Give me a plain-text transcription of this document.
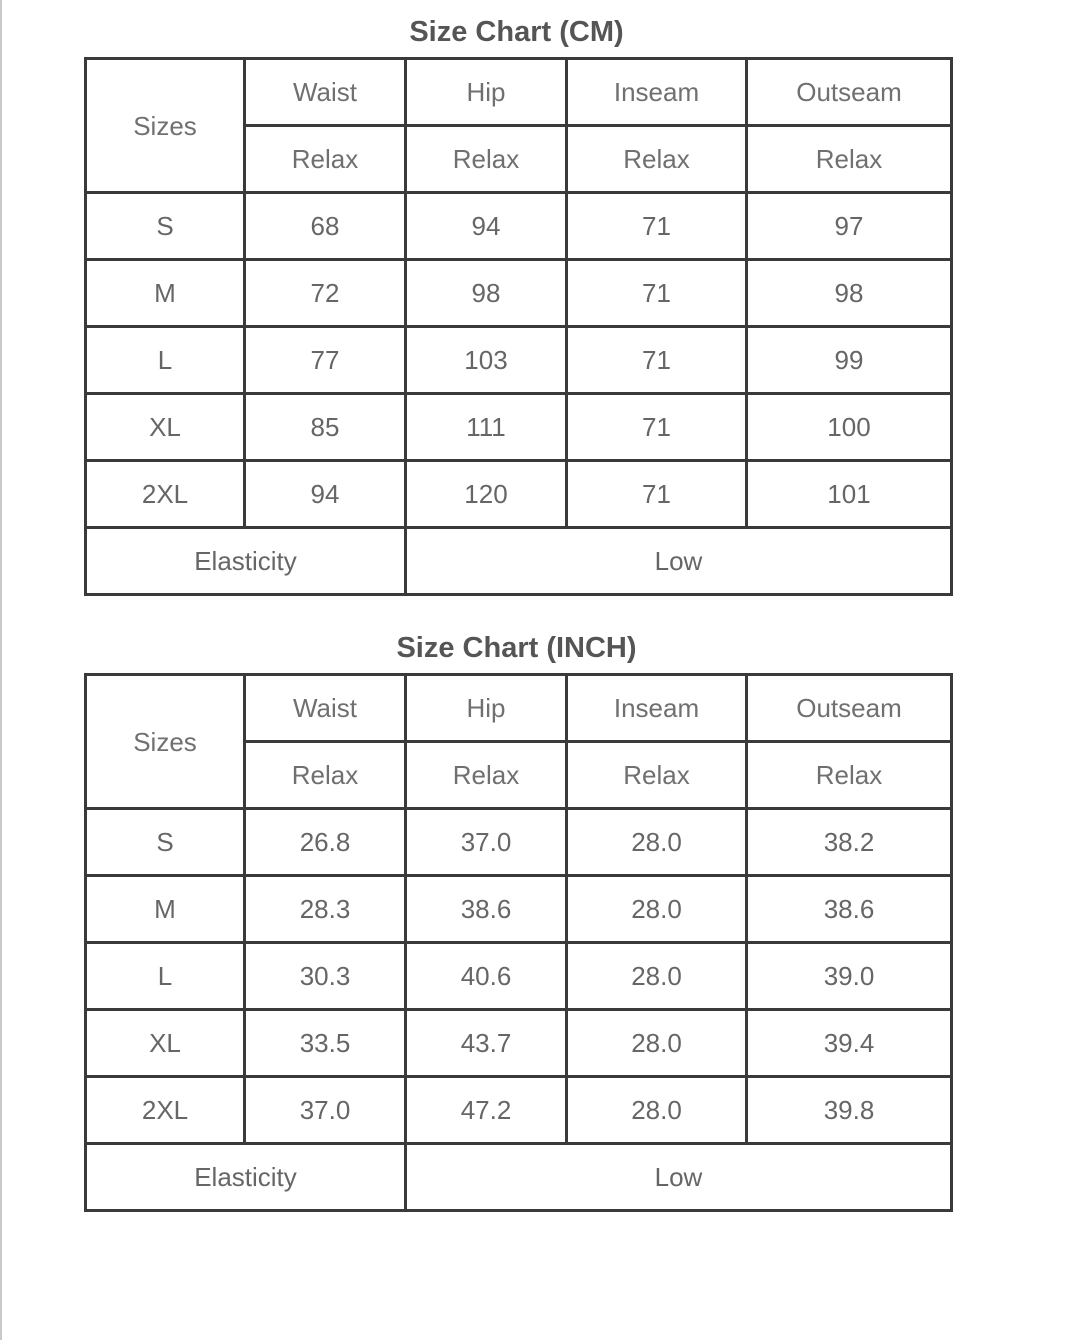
Size Chart (CM)
Sizes	Waist	Hip	Inseam	Outseam
	Relax	Relax	Relax	Relax
S	68	94	71	97
M	72	98	71	98
L	77	103	71	99
XL	85	111	71	100
2XL	94	120	71	101
Elasticity		Low		
Size Chart (INCH)
Sizes	Waist	Hip	Inseam	Outseam
	Relax	Relax	Relax	Relax
S	26.8	37.0	28.0	38.2
M	28.3	38.6	28.0	38.6
L	30.3	40.6	28.0	39.0
XL	33.5	43.7	28.0	39.4
2XL	37.0	47.2	28.0	39.8
Elasticity		Low		
